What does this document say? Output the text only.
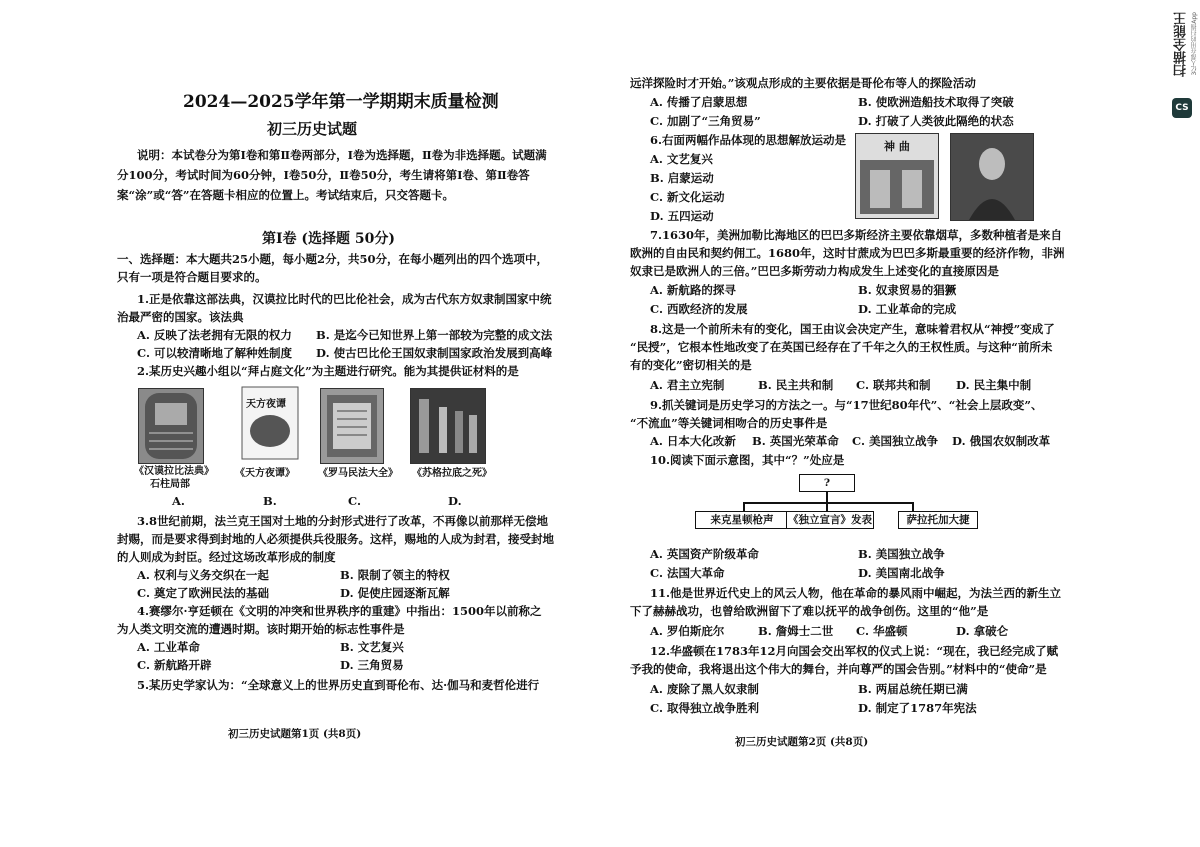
2024—2025学年第一学期期末质量检测
初三历史试题
说明：本试卷分为第Ⅰ卷和第Ⅱ卷两部分，Ⅰ卷为选择题，Ⅱ卷为非选择题。试题满
分100分，考试时间为60分钟，Ⅰ卷50分，Ⅱ卷50分，考生请将第Ⅰ卷、第Ⅱ卷答
案“涂”或“答”在答题卡相应的位置上。考试结束后，只交答题卡。
第Ⅰ卷 (选择题 50分)
一、选择题：本大题共25小题，每小题2分，共50分，在每小题列出的四个选项中，
只有一项是符合题目要求的。
1.正是依靠这部法典，汉谟拉比时代的巴比伦社会，成为古代东方奴隶制国家中统
治最严密的国家。该法典
A. 反映了法老拥有无限的权力 B. 是迄今已知世界上第一部较为完整的成文法
C. 可以较清晰地了解种姓制度 D. 使古巴比伦王国奴隶制国家政治发展到高峰
2.某历史兴趣小组以“拜占庭文化”为主题进行研究。能为其提供证材料的是
天方夜谭
《汉谟拉比法典》
石柱局部
《天方夜谭》 《罗马民法大全》 《苏格拉底之死》
A.	B.	C.	D.
3.8世纪前期，法兰克王国对土地的分封形式进行了改革，不再像以前那样无偿地
封赐，而是要求得到封地的人必须提供兵役服务。这样，赐地的人成为封君，接受封地
的人则成为封臣。经过这场改革形成的制度
A. 权利与义务交织在一起	B. 限制了领主的特权
C. 奠定了欧洲民法的基础	D. 促使庄园逐渐瓦解
4.赛缪尔·亨廷顿在《文明的冲突和世界秩序的重建》中指出：1500年以前称之
为人类文明交流的遭遇时期。该时期开始的标志性事件是
A. 工业革命	B. 文艺复兴
C. 新航路开辟	D. 三角贸易
5.某历史学家认为：“全球意义上的世界历史直到哥伦布、达·伽马和麦哲伦进行
初三历史试题第1页 (共8页)
远洋探险时才开始。”该观点形成的主要依据是哥伦布等人的探险活动
A. 传播了启蒙思想	B. 使欧洲造船技术取得了突破
C. 加剧了“三角贸易”	D. 打破了人类彼此隔绝的状态
6.右面两幅作品体现的思想解放运动是
A. 文艺复兴
B. 启蒙运动
C. 新文化运动
D. 五四运动
神 曲
7.1630年，美洲加勒比海地区的巴巴多斯经济主要依靠烟草，多数种植者是来自
欧洲的自由民和契约佣工。1680年，这时甘蔗成为巴巴多斯最重要的经济作物，非洲
奴隶已是欧洲人的三倍。”巴巴多斯劳动力构成发生上述变化的直接原因是
A. 新航路的探寻	B. 奴隶贸易的猖獗
C. 西欧经济的发展	D. 工业革命的完成
8.这是一个前所未有的变化，国王由议会决定产生，意味着君权从“神授”变成了
“民授”，它根本性地改变了在英国已经存在了千年之久的王权性质。与这种“前所未
有的变化”密切相关的是
A. 君主立宪制	B. 民主共和制 C. 联邦共和制 D. 民主集中制
9.抓关键词是历史学习的方法之一。与“17世纪80年代”、“社会上层政变”、
“不流血”等关键词相吻合的历史事件是
A. 日本大化改新 B. 英国光荣革命 C. 美国独立战争 D. 俄国农奴制改革
10.阅读下面示意图，其中“？”处应是
?
来克星顿枪声	《独立宣言》发表	萨拉托加大捷
A. 英国资产阶级革命	B. 美国独立战争
C. 法国大革命	D. 美国南北战争
11.他是世界近代史上的风云人物，他在革命的暴风雨中崛起，为法兰西的新生立
下了赫赫战功，也曾给欧洲留下了难以抚平的战争创伤。这里的“他”是
A. 罗伯斯庇尔	B. 詹姆士二世 C. 华盛顿	D. 拿破仑
12.华盛顿在1783年12月向国会交出军权的仪式上说：“现在，我已经完成了赋
予我的使命，我将退出这个伟大的舞台，并向尊严的国会告别。”材料中的“使命”是
A. 废除了黑人奴隶制	B. 两届总统任期已满
C. 取得独立战争胜利	D. 制定了1787年宪法
初三历史试题第2页 (共8页)
CS
扫描全能王 3亿人都在用的扫描App
